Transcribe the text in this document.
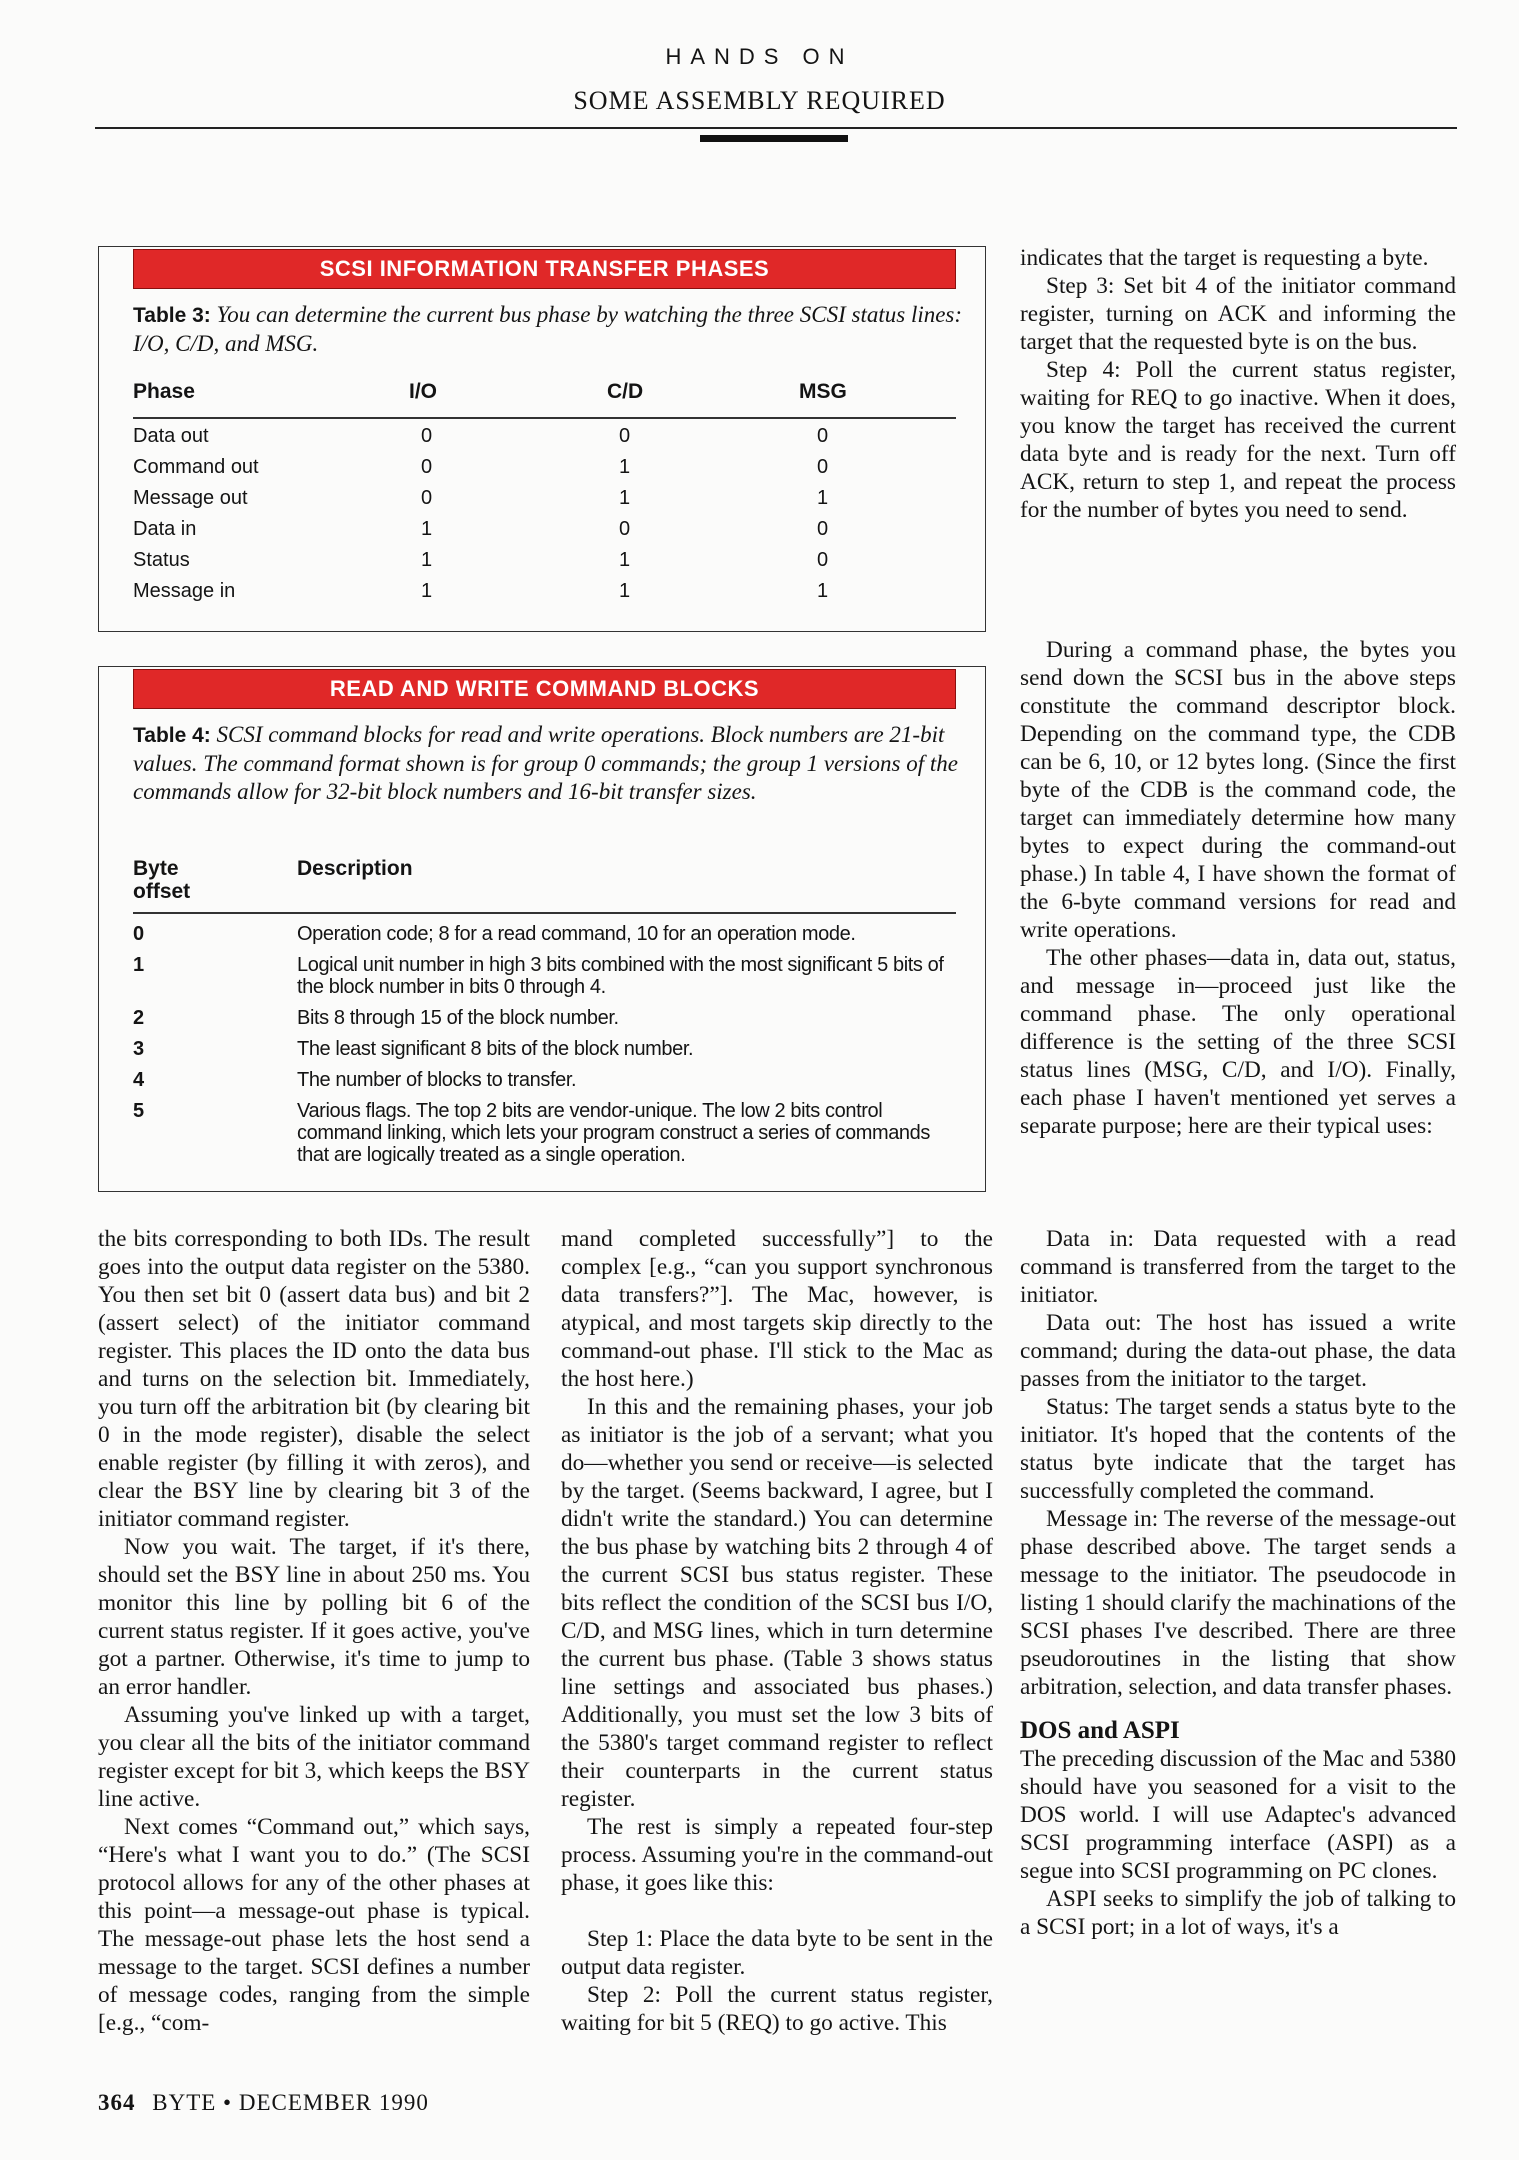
HANDS ON
SOME ASSEMBLY REQUIRED
SCSI INFORMATION TRANSFER PHASES
Table 3: You can determine the current bus phase by watching the three SCSI status lines: I/O, C/D, and MSG.
Phase	I/O	C/D	MSG
Data out	0	0	0
Command out	0	1	0
Message out	0	1	1
Data in	1	0	0
Status	1	1	0
Message in	1	1	1
READ AND WRITE COMMAND BLOCKS
Table 4: SCSI command blocks for read and write operations. Block numbers are 21-bit values. The command format shown is for group 0 commands; the group 1 versions of the commands allow for 32-bit block numbers and 16-bit transfer sizes.
Byte
offset
Description
0	Operation code; 8 for a read command, 10 for an operation mode.
1	Logical unit number in high 3 bits combined with the most significant 5 bits of the block number in bits 0 through 4.
2	Bits 8 through 15 of the block number.
3	The least significant 8 bits of the block number.
4	The number of blocks to transfer.
5	Various flags. The top 2 bits are vendor-unique. The low 2 bits control command linking, which lets your program construct a series of commands that are logically treated as a single operation.

indicates that the target is requesting a byte.

Step 3: Set bit 4 of the initiator command register, turning on ACK and informing the target that the requested byte is on the bus.

Step 4: Poll the current status register, waiting for REQ to go inactive. When it does, you know the target has received the current data byte and is ready for the next. Turn off ACK, return to step 1, and repeat the process for the number of bytes you need to send.

During a command phase, the bytes you send down the SCSI bus in the above steps constitute the command descriptor block. Depending on the command type, the CDB can be 6, 10, or 12 bytes long. (Since the first byte of the CDB is the command code, the target can immediately determine how many bytes to expect during the command-out phase.) In table 4, I have shown the format of the 6-byte command versions for read and write operations.

The other phases—data in, data out, status, and message in—proceed just like the command phase. The only operational difference is the setting of the three SCSI status lines (MSG, C/D, and I/O). Finally, each phase I haven't mentioned yet serves a separate purpose; here are their typical uses:

the bits corresponding to both IDs. The result goes into the output data register on the 5380. You then set bit 0 (assert data bus) and bit 2 (assert select) of the initiator command register. This places the ID onto the data bus and turns on the selection bit. Immediately, you turn off the arbitration bit (by clearing bit 0 in the mode register), disable the select enable register (by filling it with zeros), and clear the BSY line by clearing bit 3 of the initiator command register.

Now you wait. The target, if it's there, should set the BSY line in about 250 ms. You monitor this line by polling bit 6 of the current status register. If it goes active, you've got a partner. Otherwise, it's time to jump to an error handler.

Assuming you've linked up with a target, you clear all the bits of the initiator command register except for bit 3, which keeps the BSY line active.

Next comes “Command out,” which says, “Here's what I want you to do.” (The SCSI protocol allows for any of the other phases at this point—a message-out phase is typical. The message-out phase lets the host send a message to the target. SCSI defines a number of message codes, ranging from the simple [e.g., “com-

mand completed successfully”] to the complex [e.g., “can you support synchronous data transfers?”]. The Mac, however, is atypical, and most targets skip directly to the command-out phase. I'll stick to the Mac as the host here.)

In this and the remaining phases, your job as initiator is the job of a servant; what you do—whether you send or receive—is selected by the target. (Seems backward, I agree, but I didn't write the standard.) You can determine the bus phase by watching bits 2 through 4 of the current SCSI bus status register. These bits reflect the condition of the SCSI bus I/O, C/D, and MSG lines, which in turn determine the current bus phase. (Table 3 shows status line settings and associated bus phases.) Additionally, you must set the low 3 bits of the 5380's target command register to reflect their counterparts in the current status register.

The rest is simply a repeated four-step process. Assuming you're in the command-out phase, it goes like this:

Step 1: Place the data byte to be sent in the output data register.

Step 2: Poll the current status register, waiting for bit 5 (REQ) to go active. This

Data in: Data requested with a read command is transferred from the target to the initiator.

Data out: The host has issued a write command; during the data-out phase, the data passes from the initiator to the target.

Status: The target sends a status byte to the initiator. It's hoped that the contents of the status byte indicate that the target has successfully completed the command.

Message in: The reverse of the message-out phase described above. The target sends a message to the initiator. The pseudocode in listing 1 should clarify the machinations of the SCSI phases I've described. There are three pseudoroutines in the listing that show arbitration, selection, and data transfer phases.

DOS and ASPI

The preceding discussion of the Mac and 5380 should have you seasoned for a visit to the DOS world. I will use Adaptec's advanced SCSI programming interface (ASPI) as a segue into SCSI programming on PC clones.

ASPI seeks to simplify the job of talking to a SCSI port; in a lot of ways, it's a

364 BYTE • DECEMBER 1990
